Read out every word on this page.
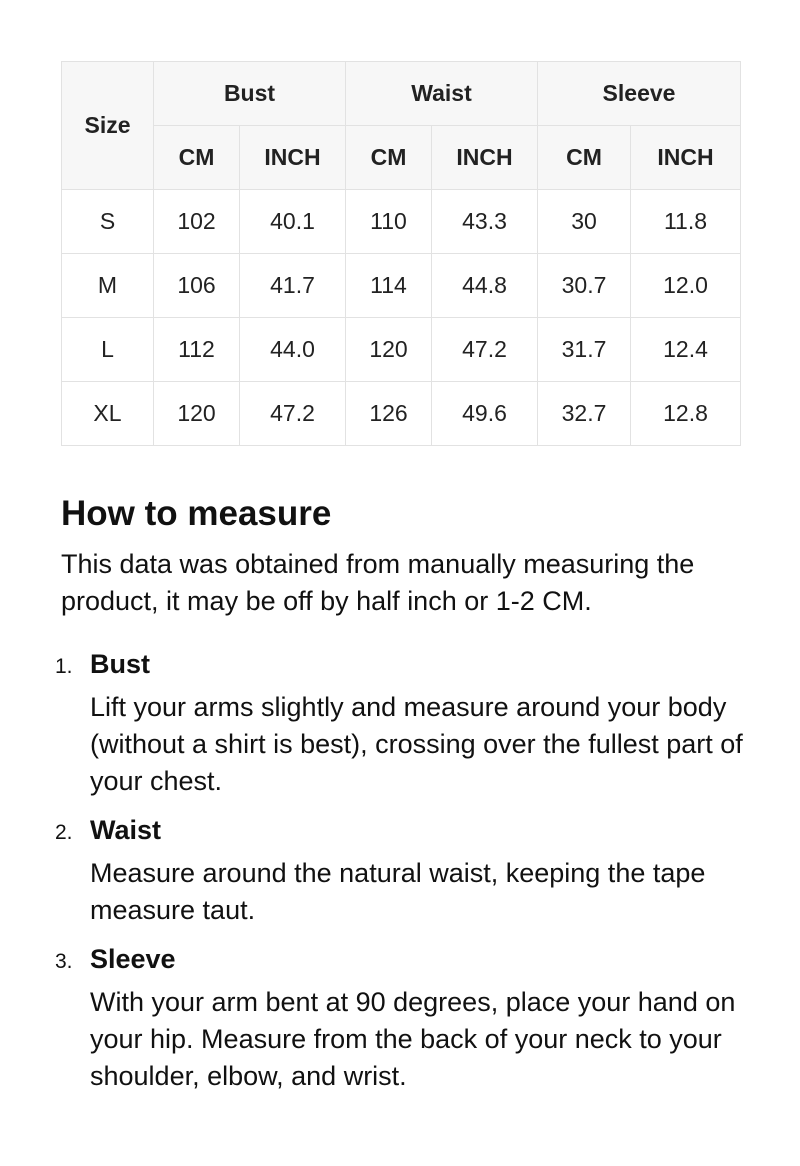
Size	Bust		Waist		Sleeve	
	CM	INCH	CM	INCH	CM	INCH
S	102	40.1	110	43.3	30	11.8
M	106	41.7	114	44.8	30.7	12.0
L	112	44.0	120	47.2	31.7	12.4
XL	120	47.2	126	49.6	32.7	12.8
How to measure

This data was obtained from manually measuring the product, it may be off by half inch or 1-2 CM.

1. Bust
Lift your arms slightly and measure around your body (without a shirt is best), crossing over the fullest part of your chest.
2. Waist
Measure around the natural waist, keeping the tape measure taut.
3. Sleeve
With your arm bent at 90 degrees, place your hand on your hip. Measure from the back of your neck to your shoulder, elbow, and wrist.
